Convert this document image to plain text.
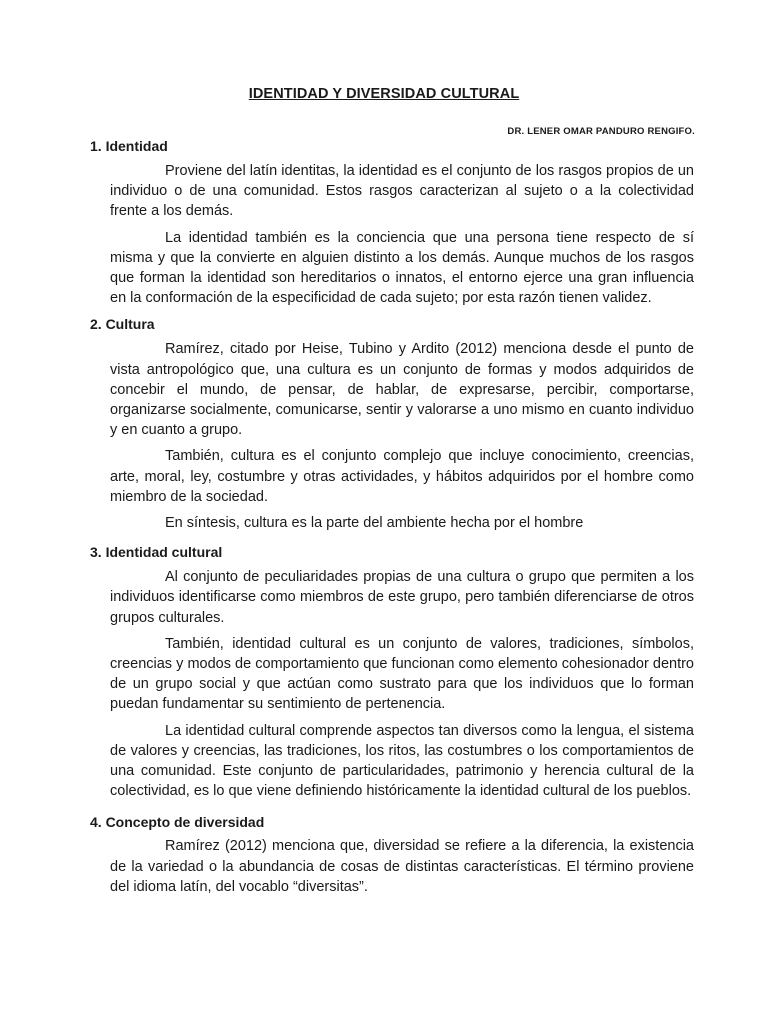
IDENTIDAD Y DIVERSIDAD CULTURAL
DR. LENER OMAR PANDURO RENGIFO.
1. Identidad

Proviene del latín identitas, la identidad es el conjunto de los rasgos propios de un individuo o de una comunidad. Estos rasgos caracterizan al sujeto o a la colectividad frente a los demás.

La identidad también es la conciencia que una persona tiene respecto de sí misma y que la convierte en alguien distinto a los demás. Aunque muchos de los rasgos que forman la identidad son hereditarios o innatos, el entorno ejerce una gran influencia en la conformación de la especificidad de cada sujeto; por esta razón tienen validez.

2. Cultura

Ramírez, citado por Heise, Tubino y Ardito (2012) menciona desde el punto de vista antropológico que, una cultura es un conjunto de formas y modos adquiridos de concebir el mundo, de pensar, de hablar, de expresarse, percibir, comportarse, organizarse socialmente, comunicarse, sentir y valorarse a uno mismo en cuanto individuo y en cuanto a grupo.

También, cultura es el conjunto complejo que incluye conocimiento, creencias, arte, moral, ley, costumbre y otras actividades, y hábitos adquiridos por el hombre como miembro de la sociedad.

En síntesis, cultura es la parte del ambiente hecha por el hombre

3. Identidad cultural

Al conjunto de peculiaridades propias de una cultura o grupo que permiten a los individuos identificarse como miembros de este grupo, pero también diferenciarse de otros grupos culturales.

También, identidad cultural es un conjunto de valores, tradiciones, símbolos, creencias y modos de comportamiento que funcionan como elemento cohesionador dentro de un grupo social y que actúan como sustrato para que los individuos que lo forman puedan fundamentar su sentimiento de pertenencia.

La identidad cultural comprende aspectos tan diversos como la lengua, el sistema de valores y creencias, las tradiciones, los ritos, las costumbres o los comportamientos de una comunidad. Este conjunto de particularidades, patrimonio y herencia cultural de la colectividad, es lo que viene definiendo históricamente la identidad cultural de los pueblos.

4. Concepto de diversidad

Ramírez (2012) menciona que, diversidad se refiere a la diferencia, la existencia de la variedad o la abundancia de cosas de distintas características. El término proviene del idioma latín, del vocablo “diversitas”.
